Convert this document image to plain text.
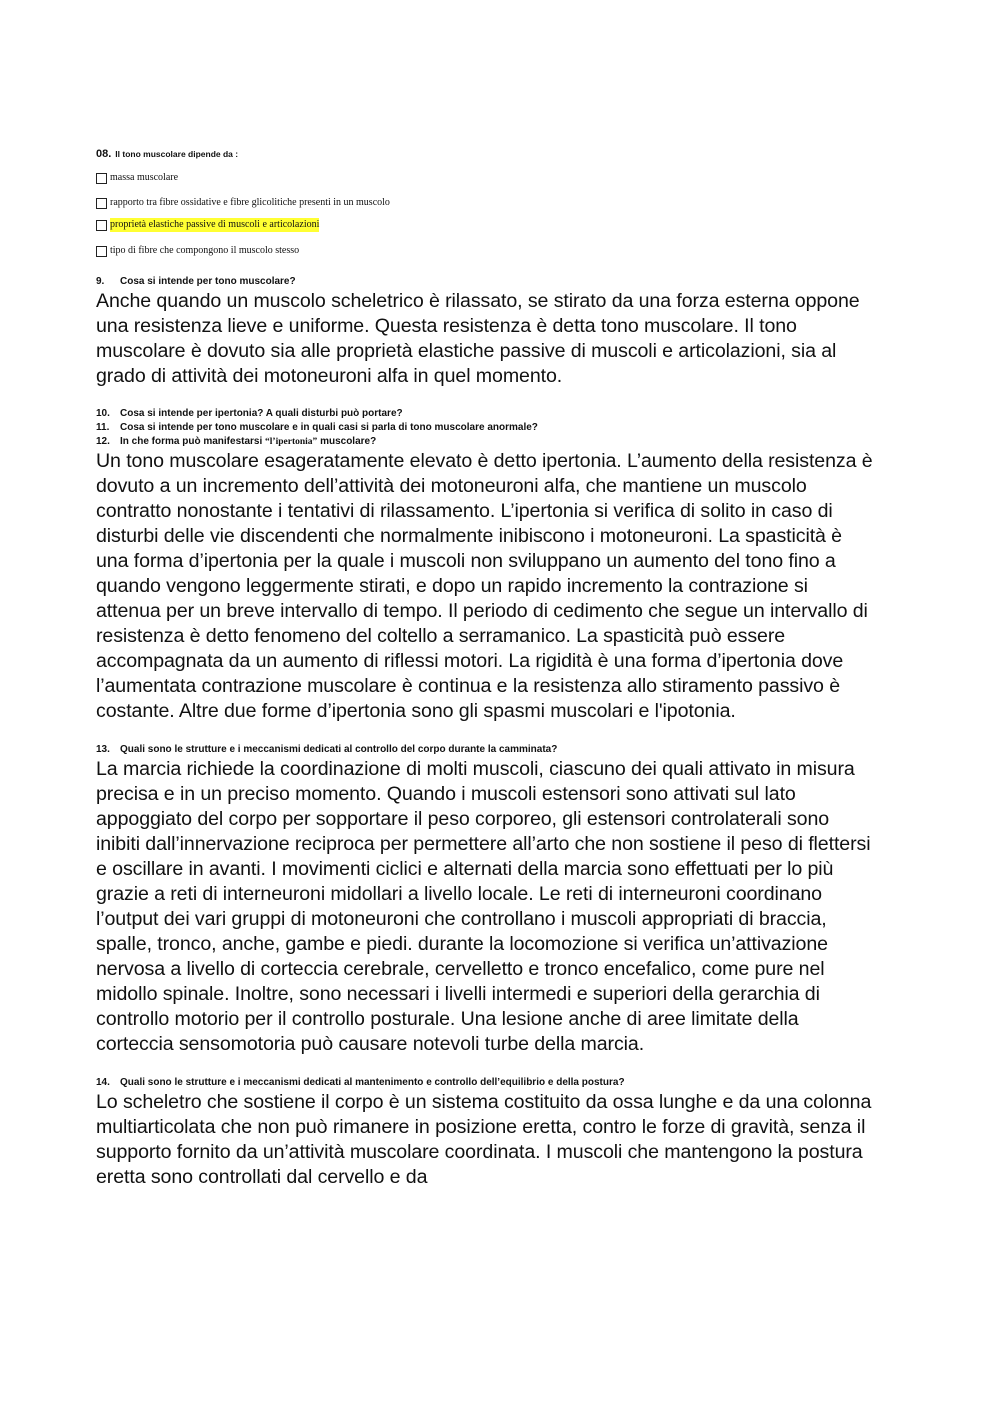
08. Il tono muscolare dipende da :
massa muscolare
rapporto tra fibre ossidative e fibre glicolitiche presenti in un muscolo
proprietà elastiche passive di muscoli e articolazioni
tipo di fibre che compongono il muscolo stesso
9. Cosa si intende per tono muscolare?

Anche quando un muscolo scheletrico è rilassato, se stirato da una forza esterna oppone una resistenza lieve e uniforme. Questa resistenza è detta tono muscolare. Il tono muscolare è dovuto sia alle proprietà elastiche passive di muscoli e articolazioni, sia al grado di attività dei motoneuroni alfa in quel momento.

10. Cosa si intende per ipertonia? A quali disturbi può portare?
11. Cosa si intende per tono muscolare e in quali casi si parla di tono muscolare anormale?
12. In che forma può manifestarsi “l’ipertonia” muscolare?

Un tono muscolare esageratamente elevato è detto ipertonia. L’aumento della resistenza è dovuto a un incremento dell’attività dei motoneuroni alfa, che mantiene un muscolo contratto nonostante i tentativi di rilassamento. L’ipertonia si verifica di solito in caso di disturbi delle vie discendenti che normalmente inibiscono i motoneuroni. La spasticità è una forma d’ipertonia per la quale i muscoli non sviluppano un aumento del tono fino a quando vengono leggermente stirati, e dopo un rapido incremento la contrazione si attenua per un breve intervallo di tempo. Il periodo di cedimento che segue un intervallo di resistenza è detto fenomeno del coltello a serramanico. La spasticità può essere accompagnata da un aumento di riflessi motori. La rigidità è una forma d’ipertonia dove l’aumentata contrazione muscolare è continua e la resistenza allo stiramento passivo è costante. Altre due forme d’ipertonia sono gli spasmi muscolari e l'ipotonia.

13. Quali sono le strutture e i meccanismi dedicati al controllo del corpo durante la camminata?

La marcia richiede la coordinazione di molti muscoli, ciascuno dei quali attivato in misura precisa e in un preciso momento. Quando i muscoli estensori sono attivati sul lato appoggiato del corpo per sopportare il peso corporeo, gli estensori controlaterali sono inibiti dall’innervazione reciproca per permettere all’arto che non sostiene il peso di flettersi e oscillare in avanti. I movimenti ciclici e alternati della marcia sono effettuati per lo più grazie a reti di interneuroni midollari a livello locale. Le reti di interneuroni coordinano l’output dei vari gruppi di motoneuroni che controllano i muscoli appropriati di braccia, spalle, tronco, anche, gambe e piedi. durante la locomozione si verifica un’attivazione nervosa a livello di corteccia cerebrale, cervelletto e tronco encefalico, come pure nel midollo spinale. Inoltre, sono necessari i livelli intermedi e superiori della gerarchia di controllo motorio per il controllo posturale. Una lesione anche di aree limitate della corteccia sensomotoria può causare notevoli turbe della marcia.

14. Quali sono le strutture e i meccanismi dedicati al mantenimento e controllo dell’equilibrio e della postura?

Lo scheletro che sostiene il corpo è un sistema costituito da ossa lunghe e da una colonna multiarticolata che non può rimanere in posizione eretta, contro le forze di gravità, senza il supporto fornito da un’attività muscolare coordinata. I muscoli che mantengono la postura eretta sono controllati dal cervello e da
